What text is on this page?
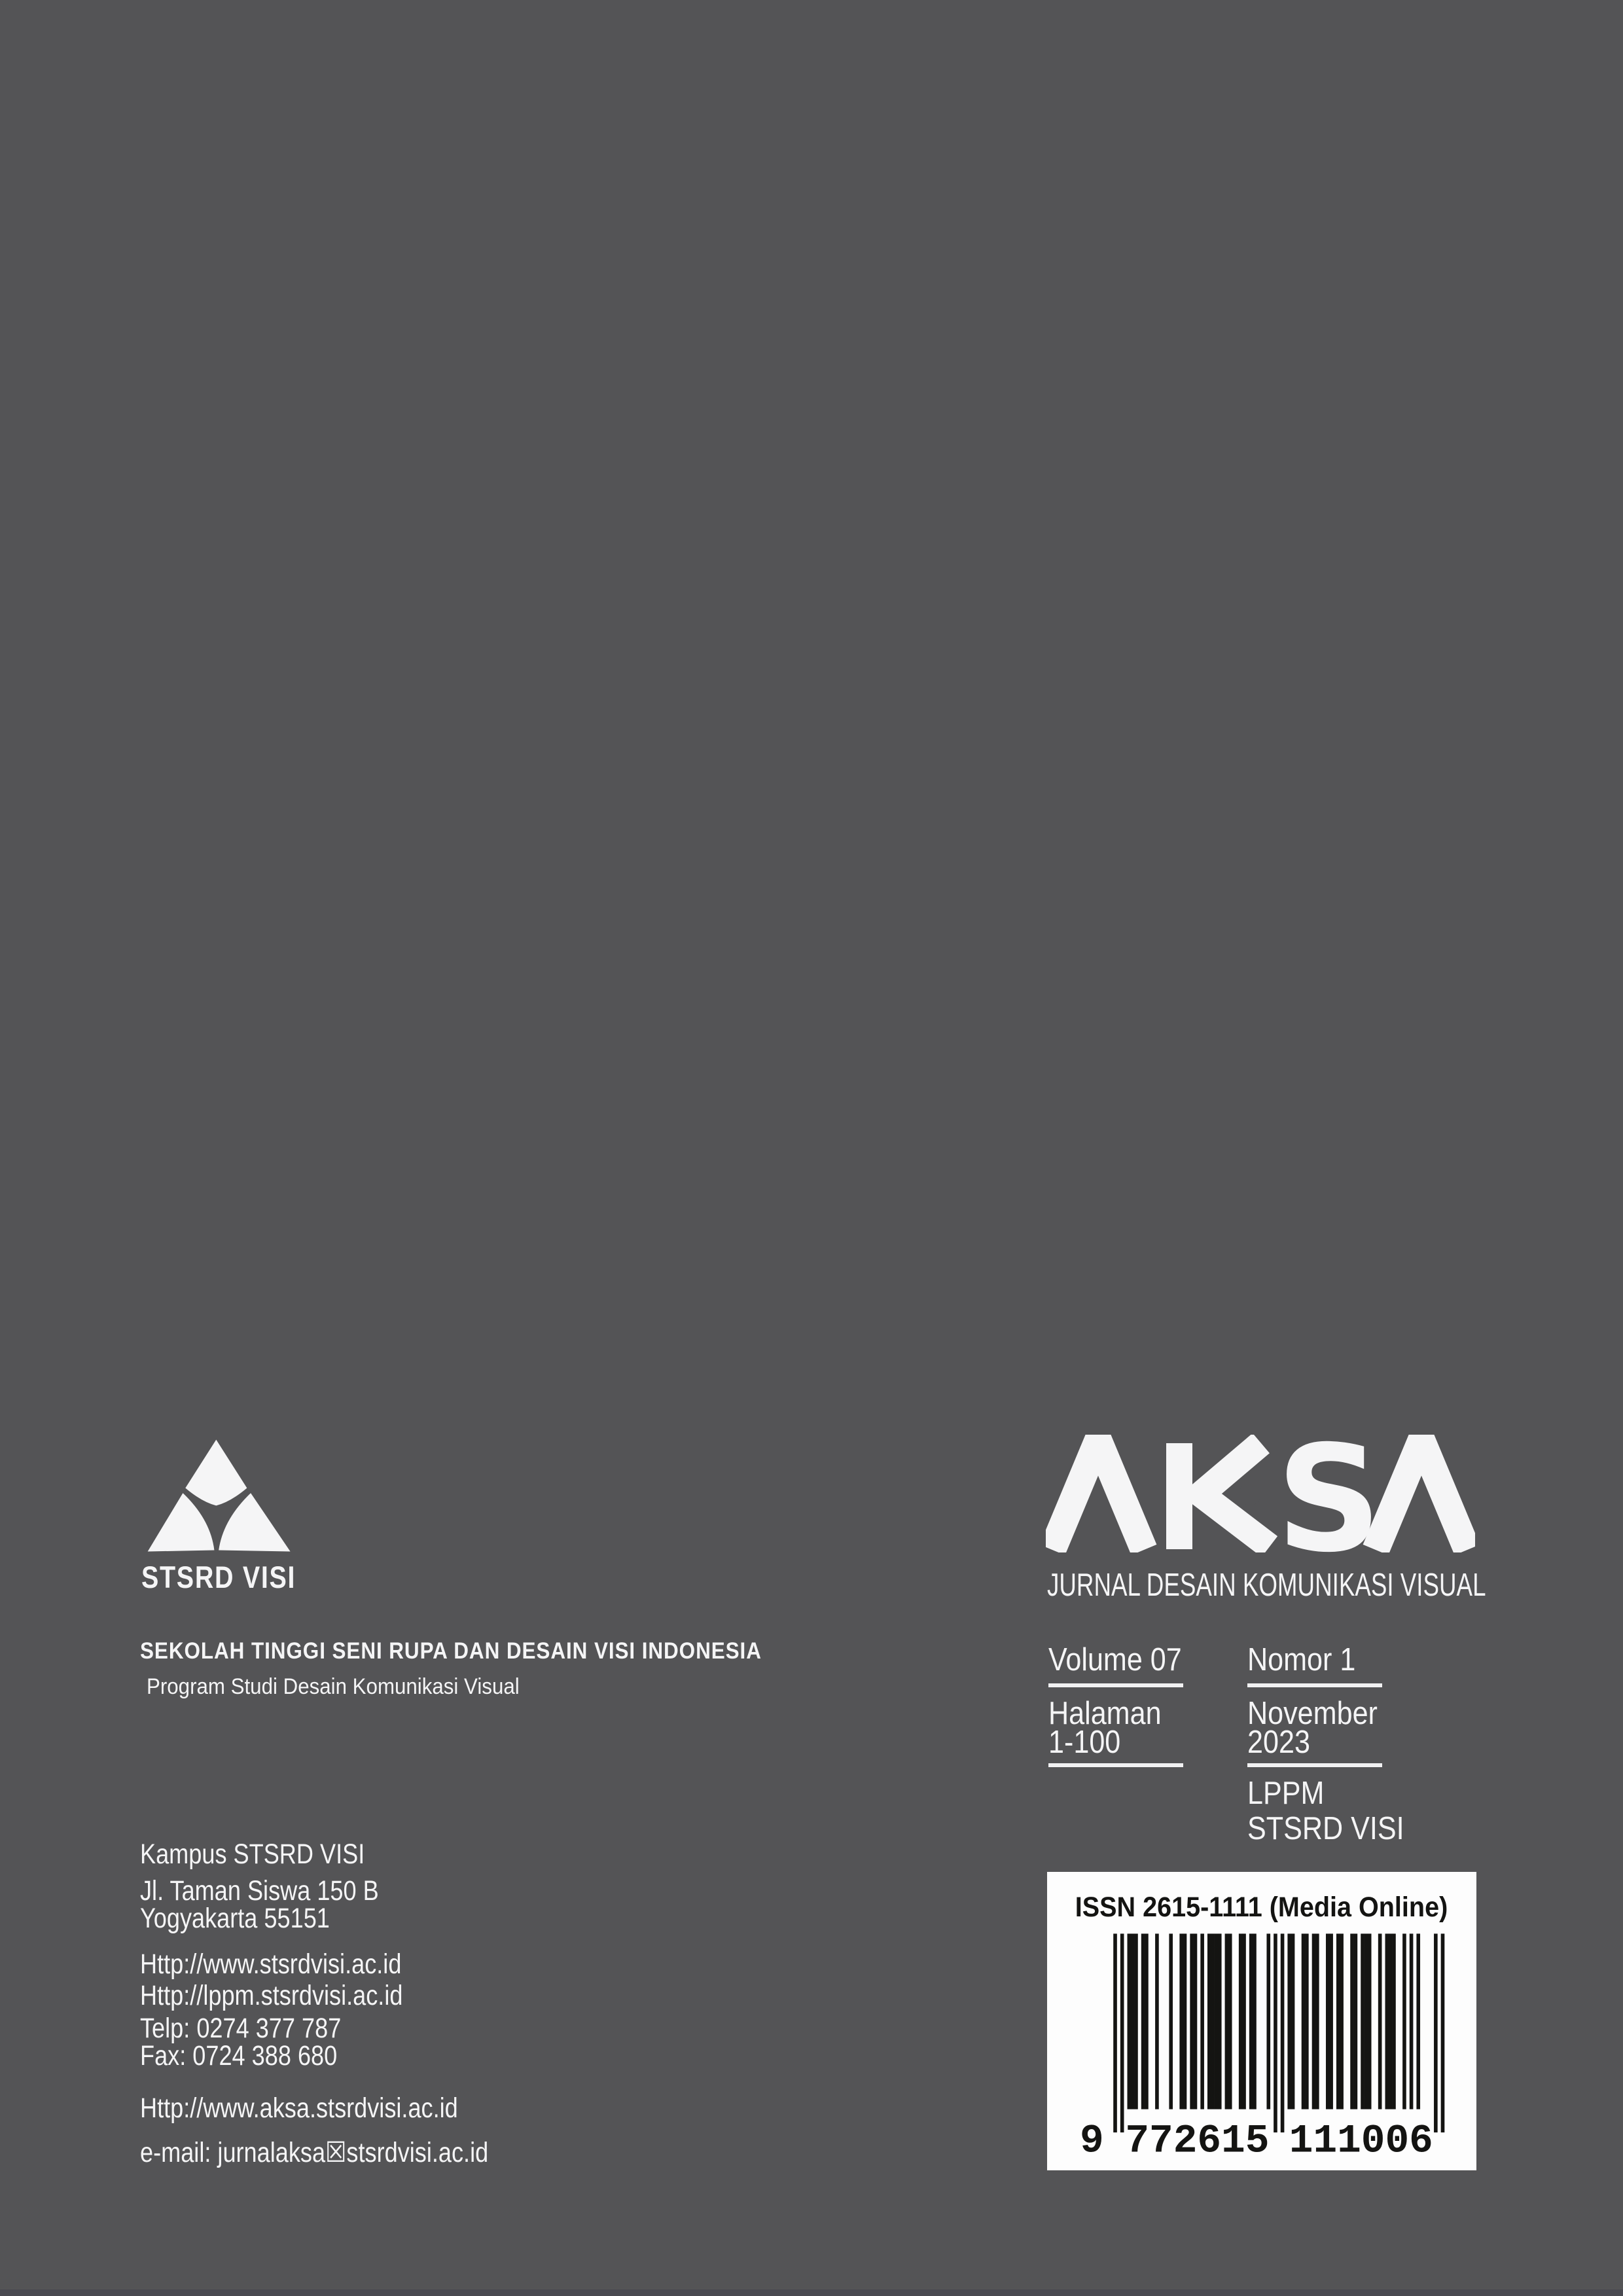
STSRD VISI
SEKOLAH TINGGI SENI RUPA DAN DESAIN VISI INDONESIA
Program Studi Desain Komunikasi Visual
Kampus STSRD VISI
Jl. Taman Siswa 150 B
Yogyakarta 55151
Http://www.stsrdvisi.ac.id
Http://lppm.stsrdvisi.ac.id
Telp: 0274 377 787
Fax: 0724 388 680
Http://www.aksa.stsrdvisi.ac.id
e-mail: jurnalaksa☒stsrdvisi.ac.id
S
JURNAL DESAIN KOMUNIKASI VISUAL
Volume 07
Halaman
1-100
Nomor 1
November
2023
LPPM
STSRD VISI
ISSN 2615-1111 (Media Online)
9 772615 111006
